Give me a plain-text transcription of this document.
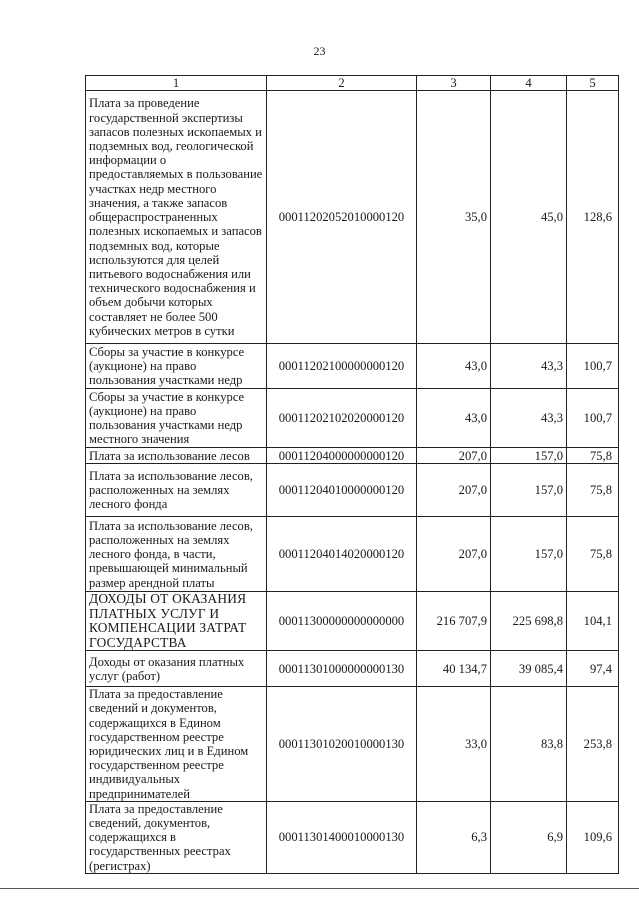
23
1	2	3	4	5
Плата за проведение государственной экспертизы запасов полезных ископаемых и подземных вод, геологической информации о предоставляемых в пользование участках недр местного значения, а также запасов общераспространенных полезных ископаемых и запасов подземных вод, которые используются для целей питьевого водоснабжения или технического водоснабжения и объем добычи которых составляет не более 500 кубических метров в сутки	00011202052010000120	35,0	45,0	128,6
Сборы за участие в конкурсе (аукционе) на право пользования участками недр	00011202100000000120	43,0	43,3	100,7
Сборы за участие в конкурсе (аукционе) на право пользования участками недр местного значения	00011202102020000120	43,0	43,3	100,7
Плата за использование лесов	00011204000000000120	207,0	157,0	75,8
Плата за использование лесов, расположенных на землях лесного фонда	00011204010000000120	207,0	157,0	75,8
Плата за использование лесов, расположенных на землях лесного фонда, в части, превышающей минимальный размер арендной платы	00011204014020000120	207,0	157,0	75,8
ДОХОДЫ ОТ ОКАЗАНИЯ ПЛАТНЫХ УСЛУГ И КОМПЕНСАЦИИ ЗАТРАТ ГОСУДАРСТВА	00011300000000000000	216 707,9	225 698,8	104,1
Доходы от оказания платных услуг (работ)	00011301000000000130	40 134,7	39 085,4	97,4
Плата за предоставление сведений и документов, содержащихся в Едином государственном реестре юридических лиц и в Едином государственном реестре индивидуальных предпринимателей	00011301020010000130	33,0	83,8	253,8
Плата за предоставление сведений, документов, содержащихся в государственных реестрах (регистрах)	00011301400010000130	6,3	6,9	109,6
